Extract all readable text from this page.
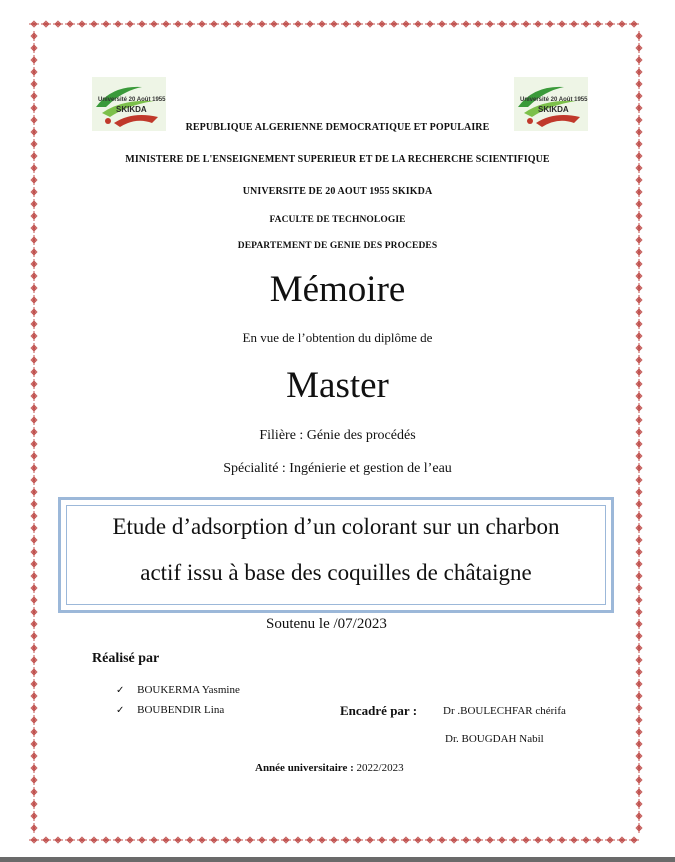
Université 20 Août 1955
SKIKDA
Université 20 Août 1955
SKIKDA
REPUBLIQUE ALGERIENNE DEMOCRATIQUE ET POPULAIRE
MINISTERE DE L'ENSEIGNEMENT SUPERIEUR ET DE LA RECHERCHE SCIENTIFIQUE
UNIVERSITE DE 20 AOUT 1955 SKIKDA
FACULTE DE TECHNOLOGIE
DEPARTEMENT DE GENIE DES PROCEDES
Mémoire
En vue de l’obtention du diplôme de
Master
Filière : Génie des procédés
Spécialité : Ingénierie et gestion de l’eau
Etude d’adsorption d’un colorant sur un charbon
actif issu à base des coquilles de châtaigne
Soutenu le /07/2023
Réalisé par
✓ BOUKERMA Yasmine
✓ BOUBENDIR Lina	Encadré par : Dr .BOULECHFAR chérifa
Dr. BOUGDAH Nabil
Année universitaire : 2022/2023
